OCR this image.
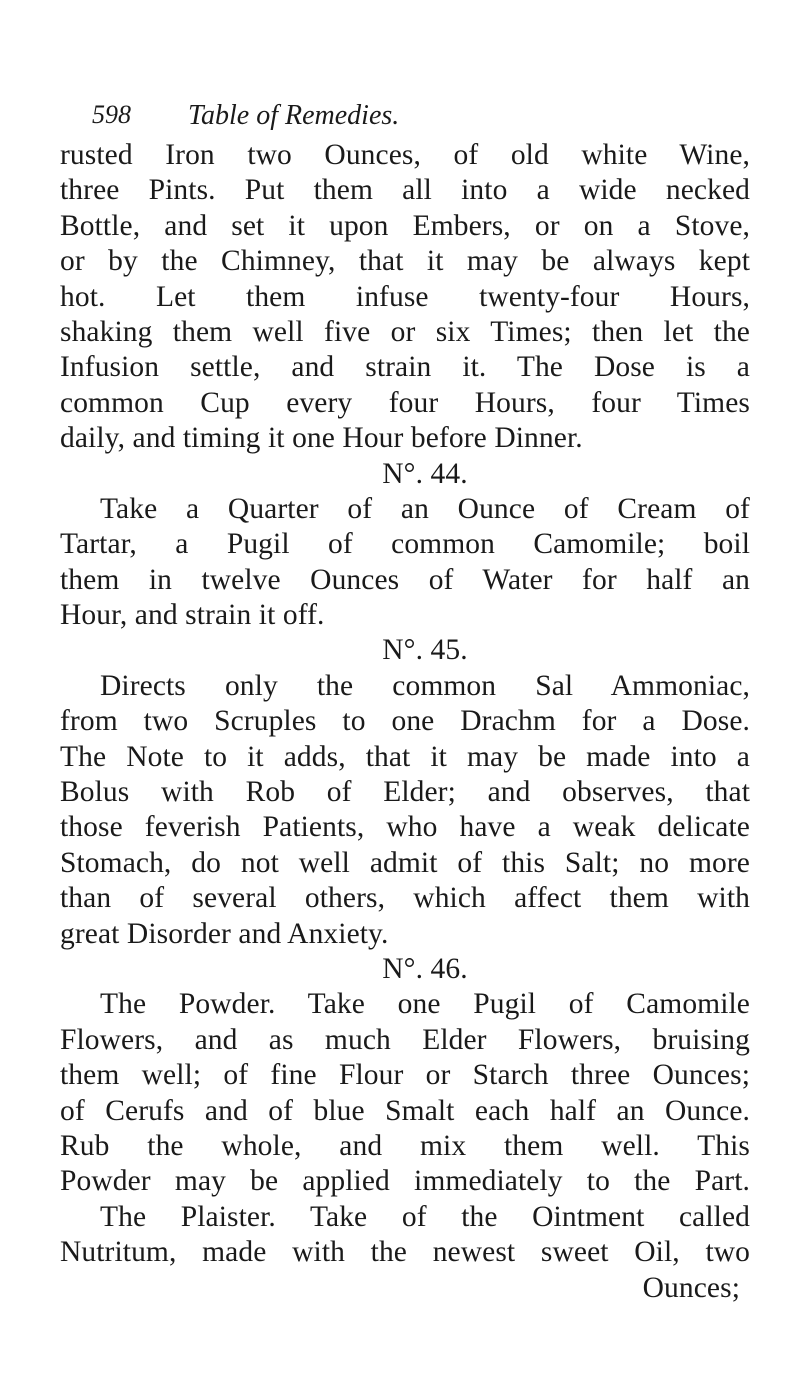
598 Table of Remedies.
rusted Iron two Ounces, of old white Wine,
three Pints. Put them all into a wide necked
Bottle, and set it upon Embers, or on a Stove,
or by the Chimney, that it may be always kept
hot. Let them infuse twenty-four Hours,
shaking them well five or six Times; then let the
Infusion settle, and strain it. The Dose is a
common Cup every four Hours, four Times
daily, and timing it one Hour before Dinner.
N°. 44.
Take a Quarter of an Ounce of Cream of
Tartar, a Pugil of common Camomile; boil
them in twelve Ounces of Water for half an
Hour, and strain it off.
N°. 45.
Directs only the common Sal Ammoniac,
from two Scruples to one Drachm for a Dose.
The Note to it adds, that it may be made into a
Bolus with Rob of Elder; and observes, that
those feverish Patients, who have a weak delicate
Stomach, do not well admit of this Salt; no more
than of several others, which affect them with
great Disorder and Anxiety.
N°. 46.
The Powder. Take one Pugil of Camomile
Flowers, and as much Elder Flowers, bruising
them well; of fine Flour or Starch three Ounces;
of Cerufs and of blue Smalt each half an Ounce.
Rub the whole, and mix them well. This
Powder may be applied immediately to the Part.
The Plaister. Take of the Ointment called
Nutritum, made with the newest sweet Oil, two
Ounces;
